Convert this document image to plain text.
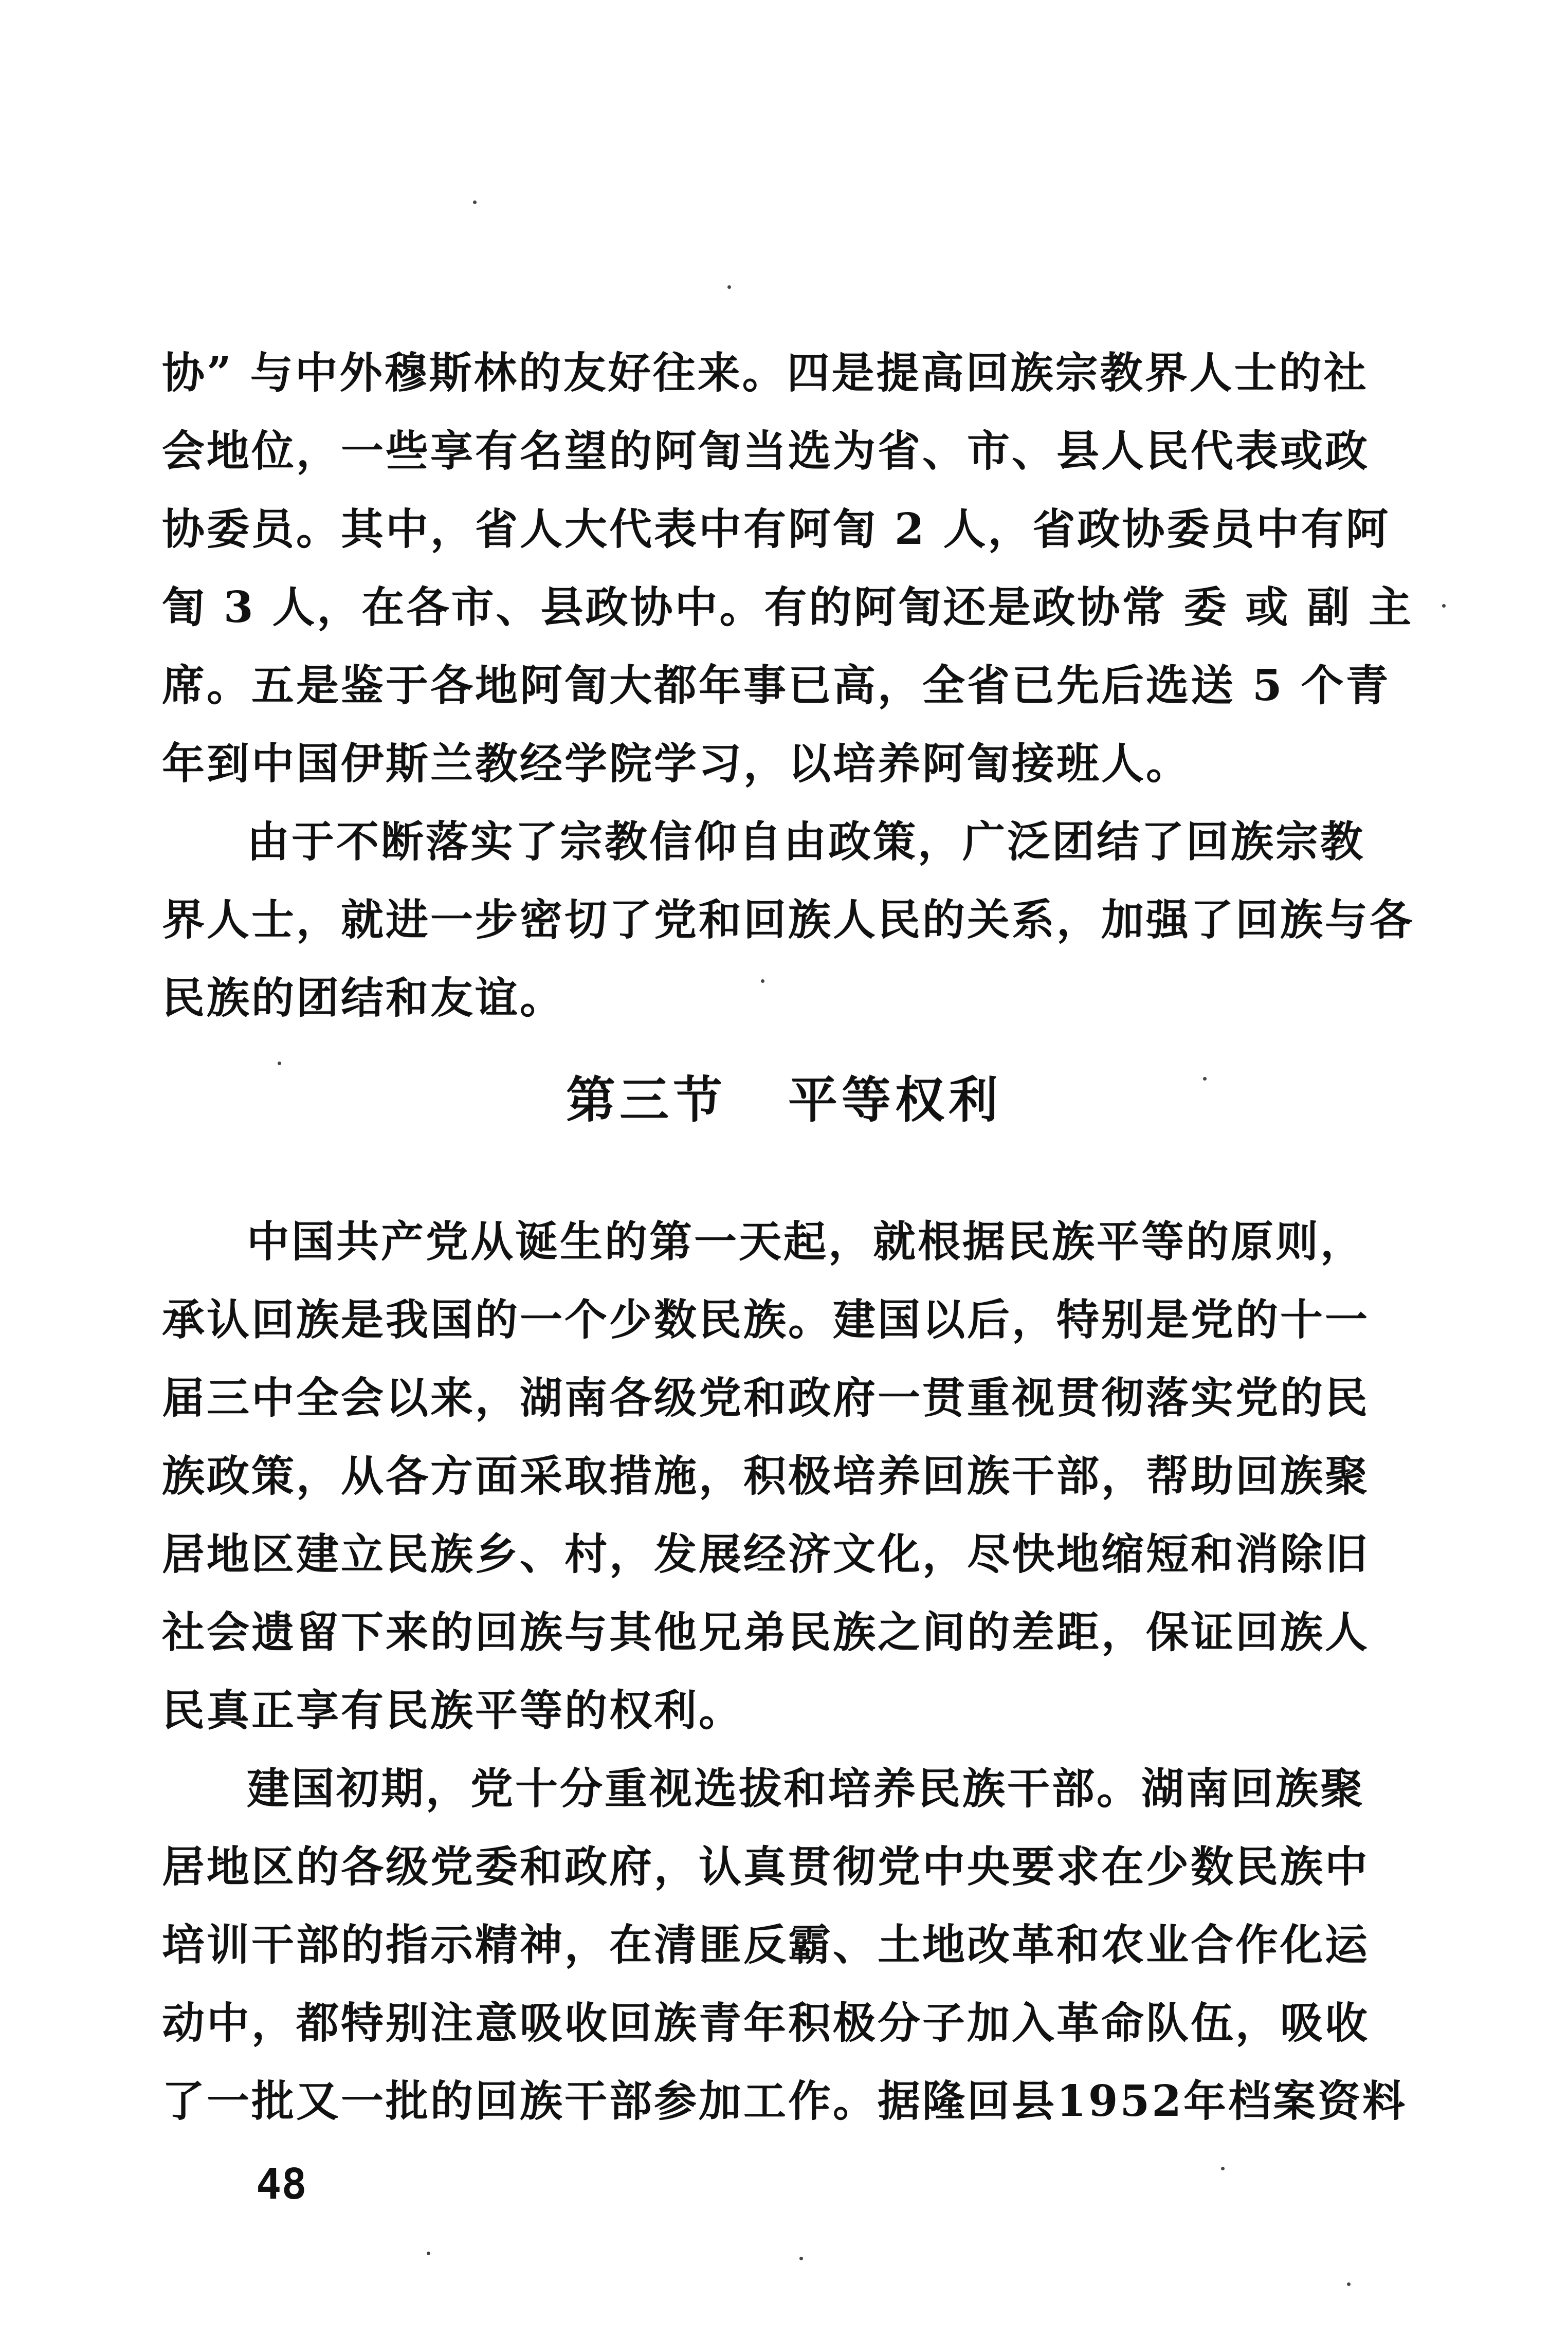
协” 与中外穆斯林的友好往来。四是提高回族宗教界人士的社
会地位，一些享有名望的阿訇当选为省、市、县人民代表或政
协委员。其中，省人大代表中有阿訇 2 人，省政协委员中有阿
訇 3 人，在各市、县政协中。有的阿訇还是政协常 委 或 副 主
席。五是鉴于各地阿訇大都年事已高，全省已先后选送 5 个青
年到中国伊斯兰教经学院学习，以培养阿訇接班人。
由于不断落实了宗教信仰自由政策，广泛团结了回族宗教
界人士，就进一步密切了党和回族人民的关系，加强了回族与各
民族的团结和友谊。
第三节 平等权利
中国共产党从诞生的第一天起，就根据民族平等的原则，
承认回族是我国的一个少数民族。建国以后，特别是党的十一
届三中全会以来，湖南各级党和政府一贯重视贯彻落实党的民
族政策，从各方面采取措施，积极培养回族干部，帮助回族聚
居地区建立民族乡、村，发展经济文化，尽快地缩短和消除旧
社会遗留下来的回族与其他兄弟民族之间的差距，保证回族人
民真正享有民族平等的权利。
建国初期，党十分重视选拔和培养民族干部。湖南回族聚
居地区的各级党委和政府，认真贯彻党中央要求在少数民族中
培训干部的指示精神，在清匪反霸、土地改革和农业合作化运
动中，都特别注意吸收回族青年积极分子加入革命队伍，吸收
了一批又一批的回族干部参加工作。据隆回县1952年档案资料
48
